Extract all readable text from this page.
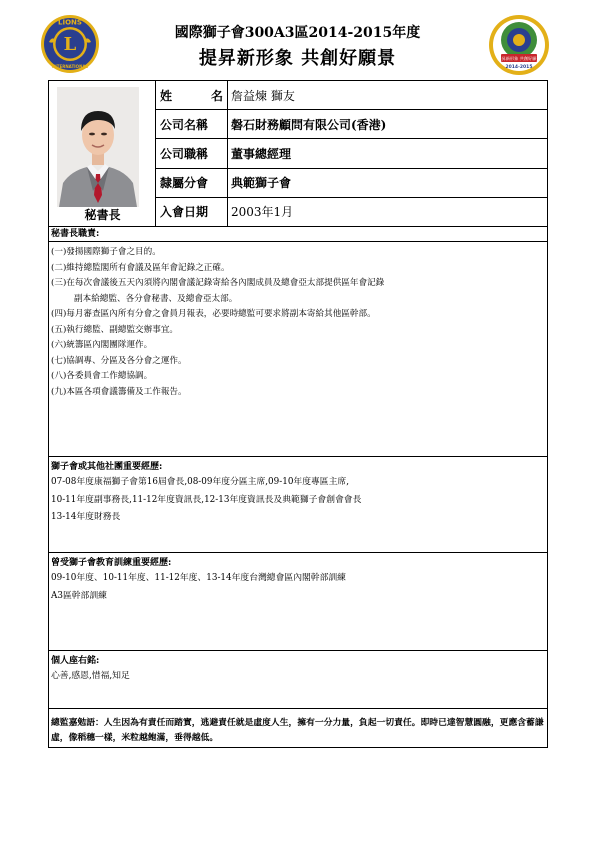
L
LIONS
INTERNATIONAL
提昇新形象 共創好願景
2014-2015
國際獅子會300A3區2014-2015年度
提昇新形象 共創好願景
秘書長
姓	名 詹益煉 獅友
公司名稱	磐石財務顧問有限公司(香港)
公司職稱	董事總經理
隸屬分會	典範獅子會
入會日期	2003年1月
秘書長職責:
(一)發揚國際獅子會之目的。
(二)維持總監閣所有會議及區年會記錄之正確。
(三)在每次會議後五天內須將內閣會議記錄寄給各內閣成員及總會亞太部提供區年會記錄
副本給總監、各分會秘書、及總會亞太部。
(四)每月審查區內所有分會之會員月報表，必要時總監可要求將副本寄給其他區幹部。
(五)執行總監、副總監交辦事宜。
(六)統籌區內閣團隊運作。
(七)協調專、分區及各分會之運作。
(八)各委員會工作總協調。
(九)本區各項會議籌備及工作報告。
獅子會或其他社團重要經歷:
07-08年度康福獅子會第16屆會長,08-09年度分區主席,09-10年度專區主席,
10-11年度副事務長,11-12年度資訊長,12-13年度資訊長及典範獅子會創會會長
13-14年度財務長
曾受獅子會教育訓練重要經歷:
09-10年度、10-11年度、11-12年度、13-14年度台灣總會區內閣幹部訓練
A3區幹部訓練
個人座右銘:
心善,感恩,惜福,知足
總監嘉勉語：人生因為有責任而踏實，逃避責任就是虛度人生，擁有一分力量，負起一切責任。即時已達智慧圓融，更應含蓄謙虛，像稻穗一樣，米粒越飽滿，垂得越低。
